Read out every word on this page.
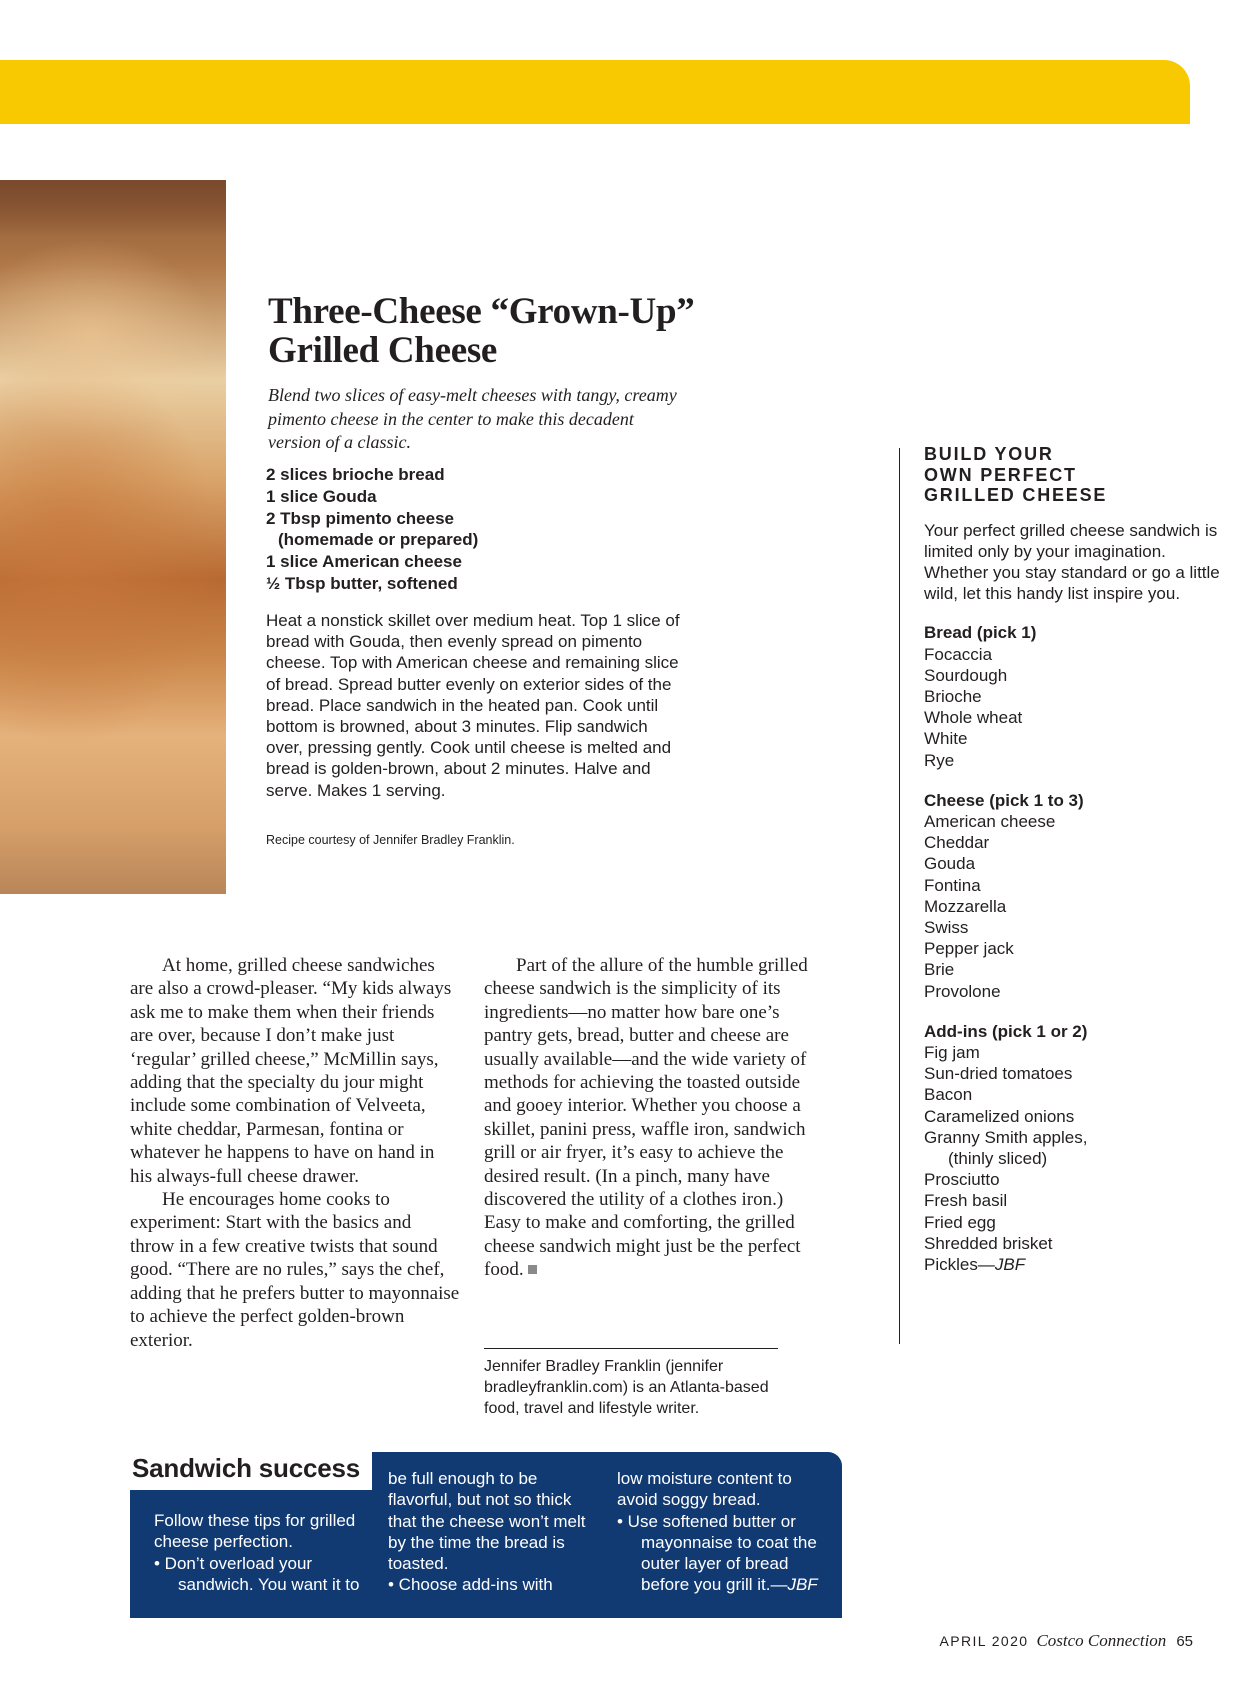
Three-Cheese “Grown-Up”
Grilled Cheese
Blend two slices of easy-melt cheeses with tangy, creamy pimento cheese in the center to make this decadent version of a classic.
2 slices brioche bread
1 slice Gouda
2 Tbsp pimento cheese
(homemade or prepared)
1 slice American cheese
½ Tbsp butter, softened
Heat a nonstick skillet over medium heat. Top 1 slice of bread with Gouda, then evenly spread on pimento cheese. Top with American cheese and remaining slice of bread. Spread butter evenly on exterior sides of the bread. Place sandwich in the heated pan. Cook until bottom is browned, about 3 minutes. Flip sandwich over, pressing gently. Cook until cheese is melted and bread is golden-brown, about 2 minutes. Halve and serve. Makes 1 serving.
Recipe courtesy of Jennifer Bradley Franklin.
BUILD YOUR
OWN PERFECT
GRILLED CHEESE
Your perfect grilled cheese sandwich is limited only by your imagination. Whether you stay standard or go a little wild, let this handy list inspire you.
Bread (pick 1)
Focaccia
Sourdough
Brioche
Whole wheat
White
Rye
Cheese (pick 1 to 3)
American cheese
Cheddar
Gouda
Fontina
Mozzarella
Swiss
Pepper jack
Brie
Provolone
Add-ins (pick 1 or 2)
Fig jam
Sun-dried tomatoes
Bacon
Caramelized onions
Granny Smith apples,
(thinly sliced)
Prosciutto
Fresh basil
Fried egg
Shredded brisket
Pickles—JBF

At home, grilled cheese sandwiches are also a crowd-pleaser. “My kids always ask me to make them when their friends are over, because I don’t make just ‘regular’ grilled cheese,” McMillin says, adding that the specialty du jour might include some combination of Velveeta, white cheddar, Parmesan, fontina or whatever he happens to have on hand in his always-full cheese drawer.

He encourages home cooks to experiment: Start with the basics and throw in a few creative twists that sound good. “There are no rules,” says the chef, adding that he prefers butter to mayonnaise to achieve the perfect golden-brown exterior.

Part of the allure of the humble grilled cheese sandwich is the simplicity of its ingredients—no matter how bare one’s pantry gets, bread, butter and cheese are usually available—and the wide variety of methods for achieving the toasted outside and gooey interior. Whether you choose a skillet, panini press, waffle iron, sandwich grill or air fryer, it’s easy to achieve the desired result. (In a pinch, many have discovered the utility of a clothes iron.) Easy to make and comforting, the grilled cheese sandwich might just be the perfect food.

Jennifer Bradley Franklin (jennifer bradleyfranklin.com) is an Atlanta-based food, travel and lifestyle writer.
Sandwich success

Follow these tips for grilled cheese perfection.

• Don’t overload your sandwich. You want it to

be full enough to be flavorful, but not so thick that the cheese won’t melt by the time the bread is toasted.

• Choose add-ins with

low moisture content to avoid soggy bread.

• Use softened butter or mayonnaise to coat the outer layer of bread before you grill it.—JBF

APRIL 2020 Costco Connection 65
